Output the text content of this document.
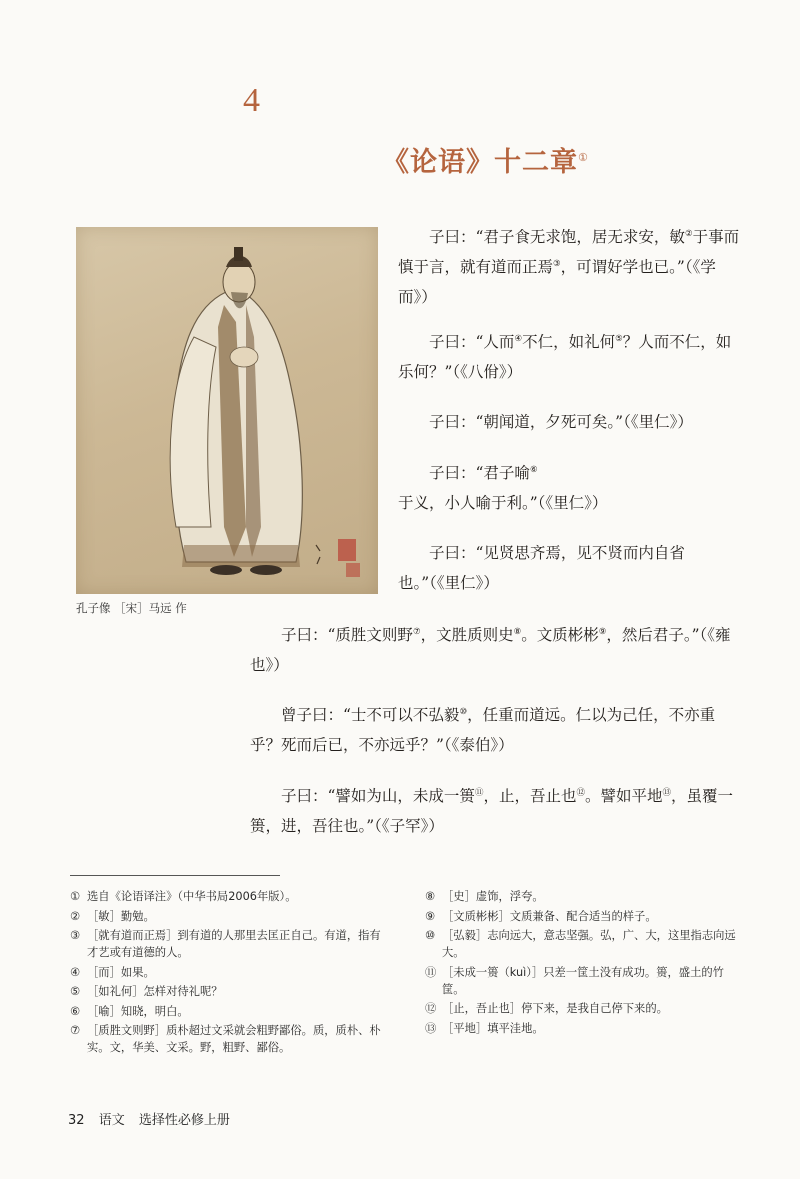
4
《论语》十二章①
孔子像 ［宋］马远 作

子曰：“君子食无求饱，居无求安，敏②于事而慎于言，就有道而正焉③，可谓好学也已。”（《学而》）

子曰：“人而④不仁，如礼何⑤？人而不仁，如乐何？”（《八佾》）

子曰：“朝闻道，夕死可矣。”（《里仁》）

子曰：“君子喻⑥于义，小人喻于利。”（《里仁》）

子曰：“见贤思齐焉，见不贤而内自省也。”（《里仁》）

子曰：“质胜文则野⑦，文胜质则史⑧。文质彬彬⑨，然后君子。”（《雍也》）

曾子曰：“士不可以不弘毅⑩，任重而道远。仁以为己任，不亦重乎？死而后已，不亦远乎？”（《泰伯》）

子曰：“譬如为山，未成一篑⑪，止，吾止也⑫。譬如平地⑬，虽覆一篑，进，吾往也。”（《子罕》）

① 选自《论语译注》（中华书局2006年版）。
② ［敏］勤勉。
③ ［就有道而正焉］到有道的人那里去匡正自己。有道，指有才艺或有道德的人。
④ ［而］如果。
⑤ ［如礼何］怎样对待礼呢？
⑥ ［喻］知晓，明白。
⑦ ［质胜文则野］质朴超过文采就会粗野鄙俗。质，质朴、朴实。文，华美、文采。野，粗野、鄙俗。
⑧ ［史］虚饰，浮夸。
⑨ ［文质彬彬］文质兼备、配合适当的样子。
⑩ ［弘毅］志向远大，意志坚强。弘，广、大，这里指志向远大。
⑪ ［未成一篑（kuì）］只差一筐土没有成功。篑，盛土的竹筐。
⑫ ［止，吾止也］停下来，是我自己停下来的。
⑬ ［平地］填平洼地。
32 语文 选择性必修上册
